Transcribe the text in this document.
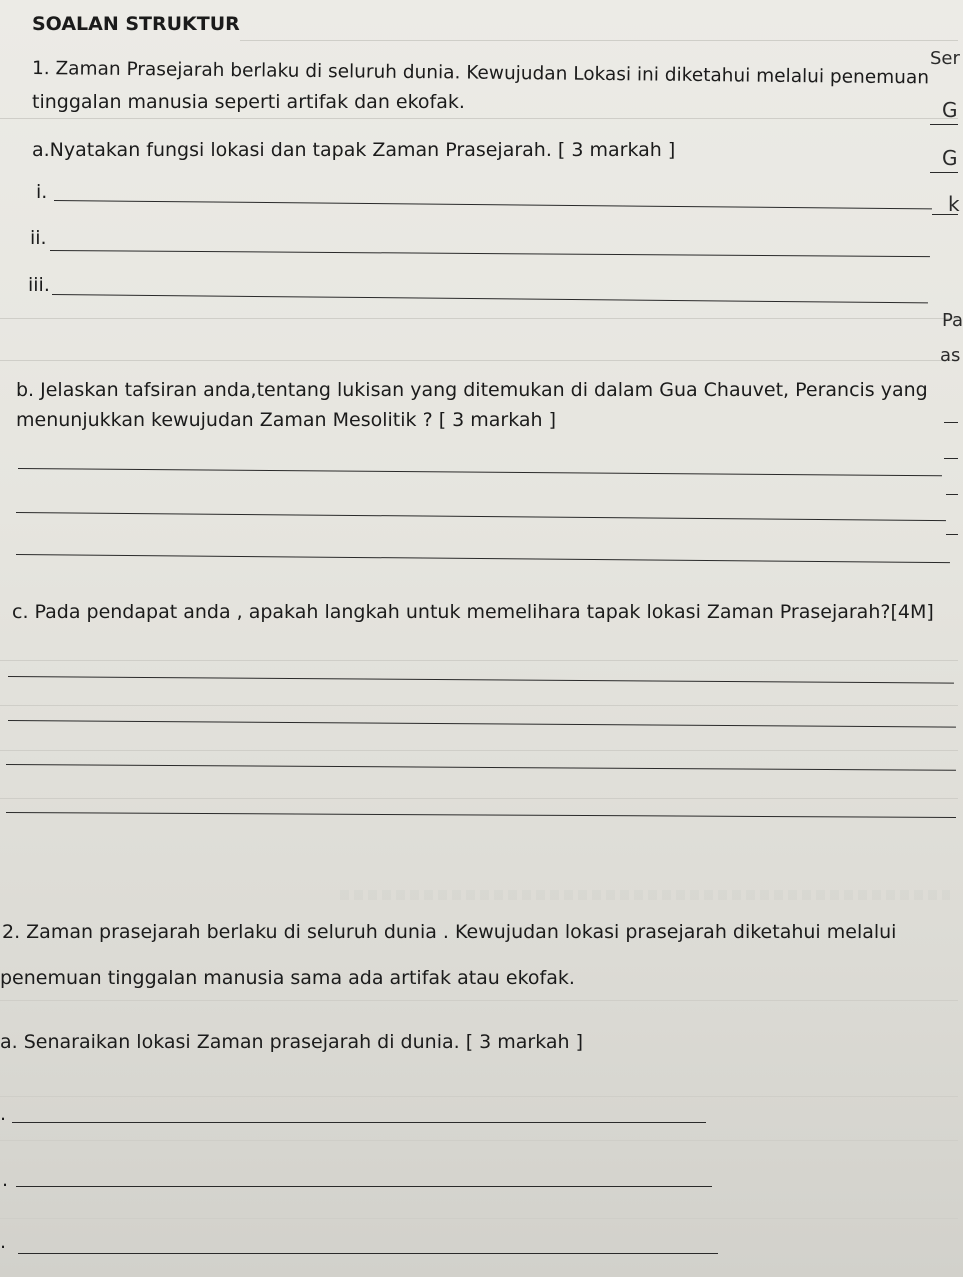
SOALAN STRUKTUR
Ser
G
G
k
Pa
as
1. Zaman Prasejarah berlaku di seluruh dunia. Kewujudan Lokasi ini diketahui melalui penemuan
tinggalan manusia seperti artifak dan ekofak.
a.Nyatakan fungsi lokasi dan tapak Zaman Prasejarah. [ 3 markah ]
i.
ii.
iii.
b. Jelaskan tafsiran anda,tentang lukisan yang ditemukan di dalam Gua Chauvet, Perancis yang
menunjukkan kewujudan Zaman Mesolitik ? [ 3 markah ]
c. Pada pendapat anda , apakah langkah untuk memelihara tapak lokasi Zaman Prasejarah?[4M]
2. Zaman prasejarah berlaku di seluruh dunia . Kewujudan lokasi prasejarah diketahui melalui
penemuan tinggalan manusia sama ada artifak atau ekofak.
a. Senaraikan lokasi Zaman prasejarah di dunia. [ 3 markah ]
.
.
.
